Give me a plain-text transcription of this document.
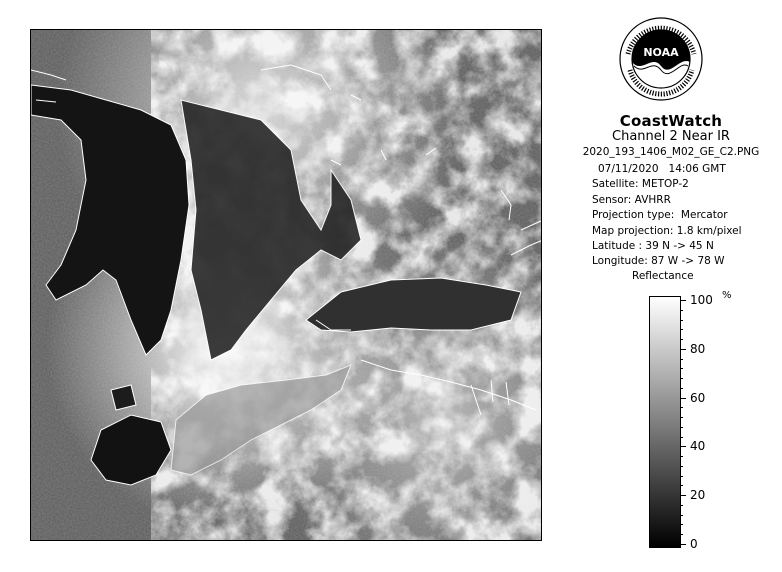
NOAA
CoastWatch
Channel 2 Near IR
2020_193_1406_M02_GE_C2.PNG
07/11/2020   14:06 GMT
Satellite: METOP-2
Sensor: AVHRR
Projection type:  Mercator
Map projection: 1.8 km/pixel
Latitude : 39 N -> 45 N
Longitude: 87 W -> 78 W
Reflectance
%
100
80
60
40
20
0
